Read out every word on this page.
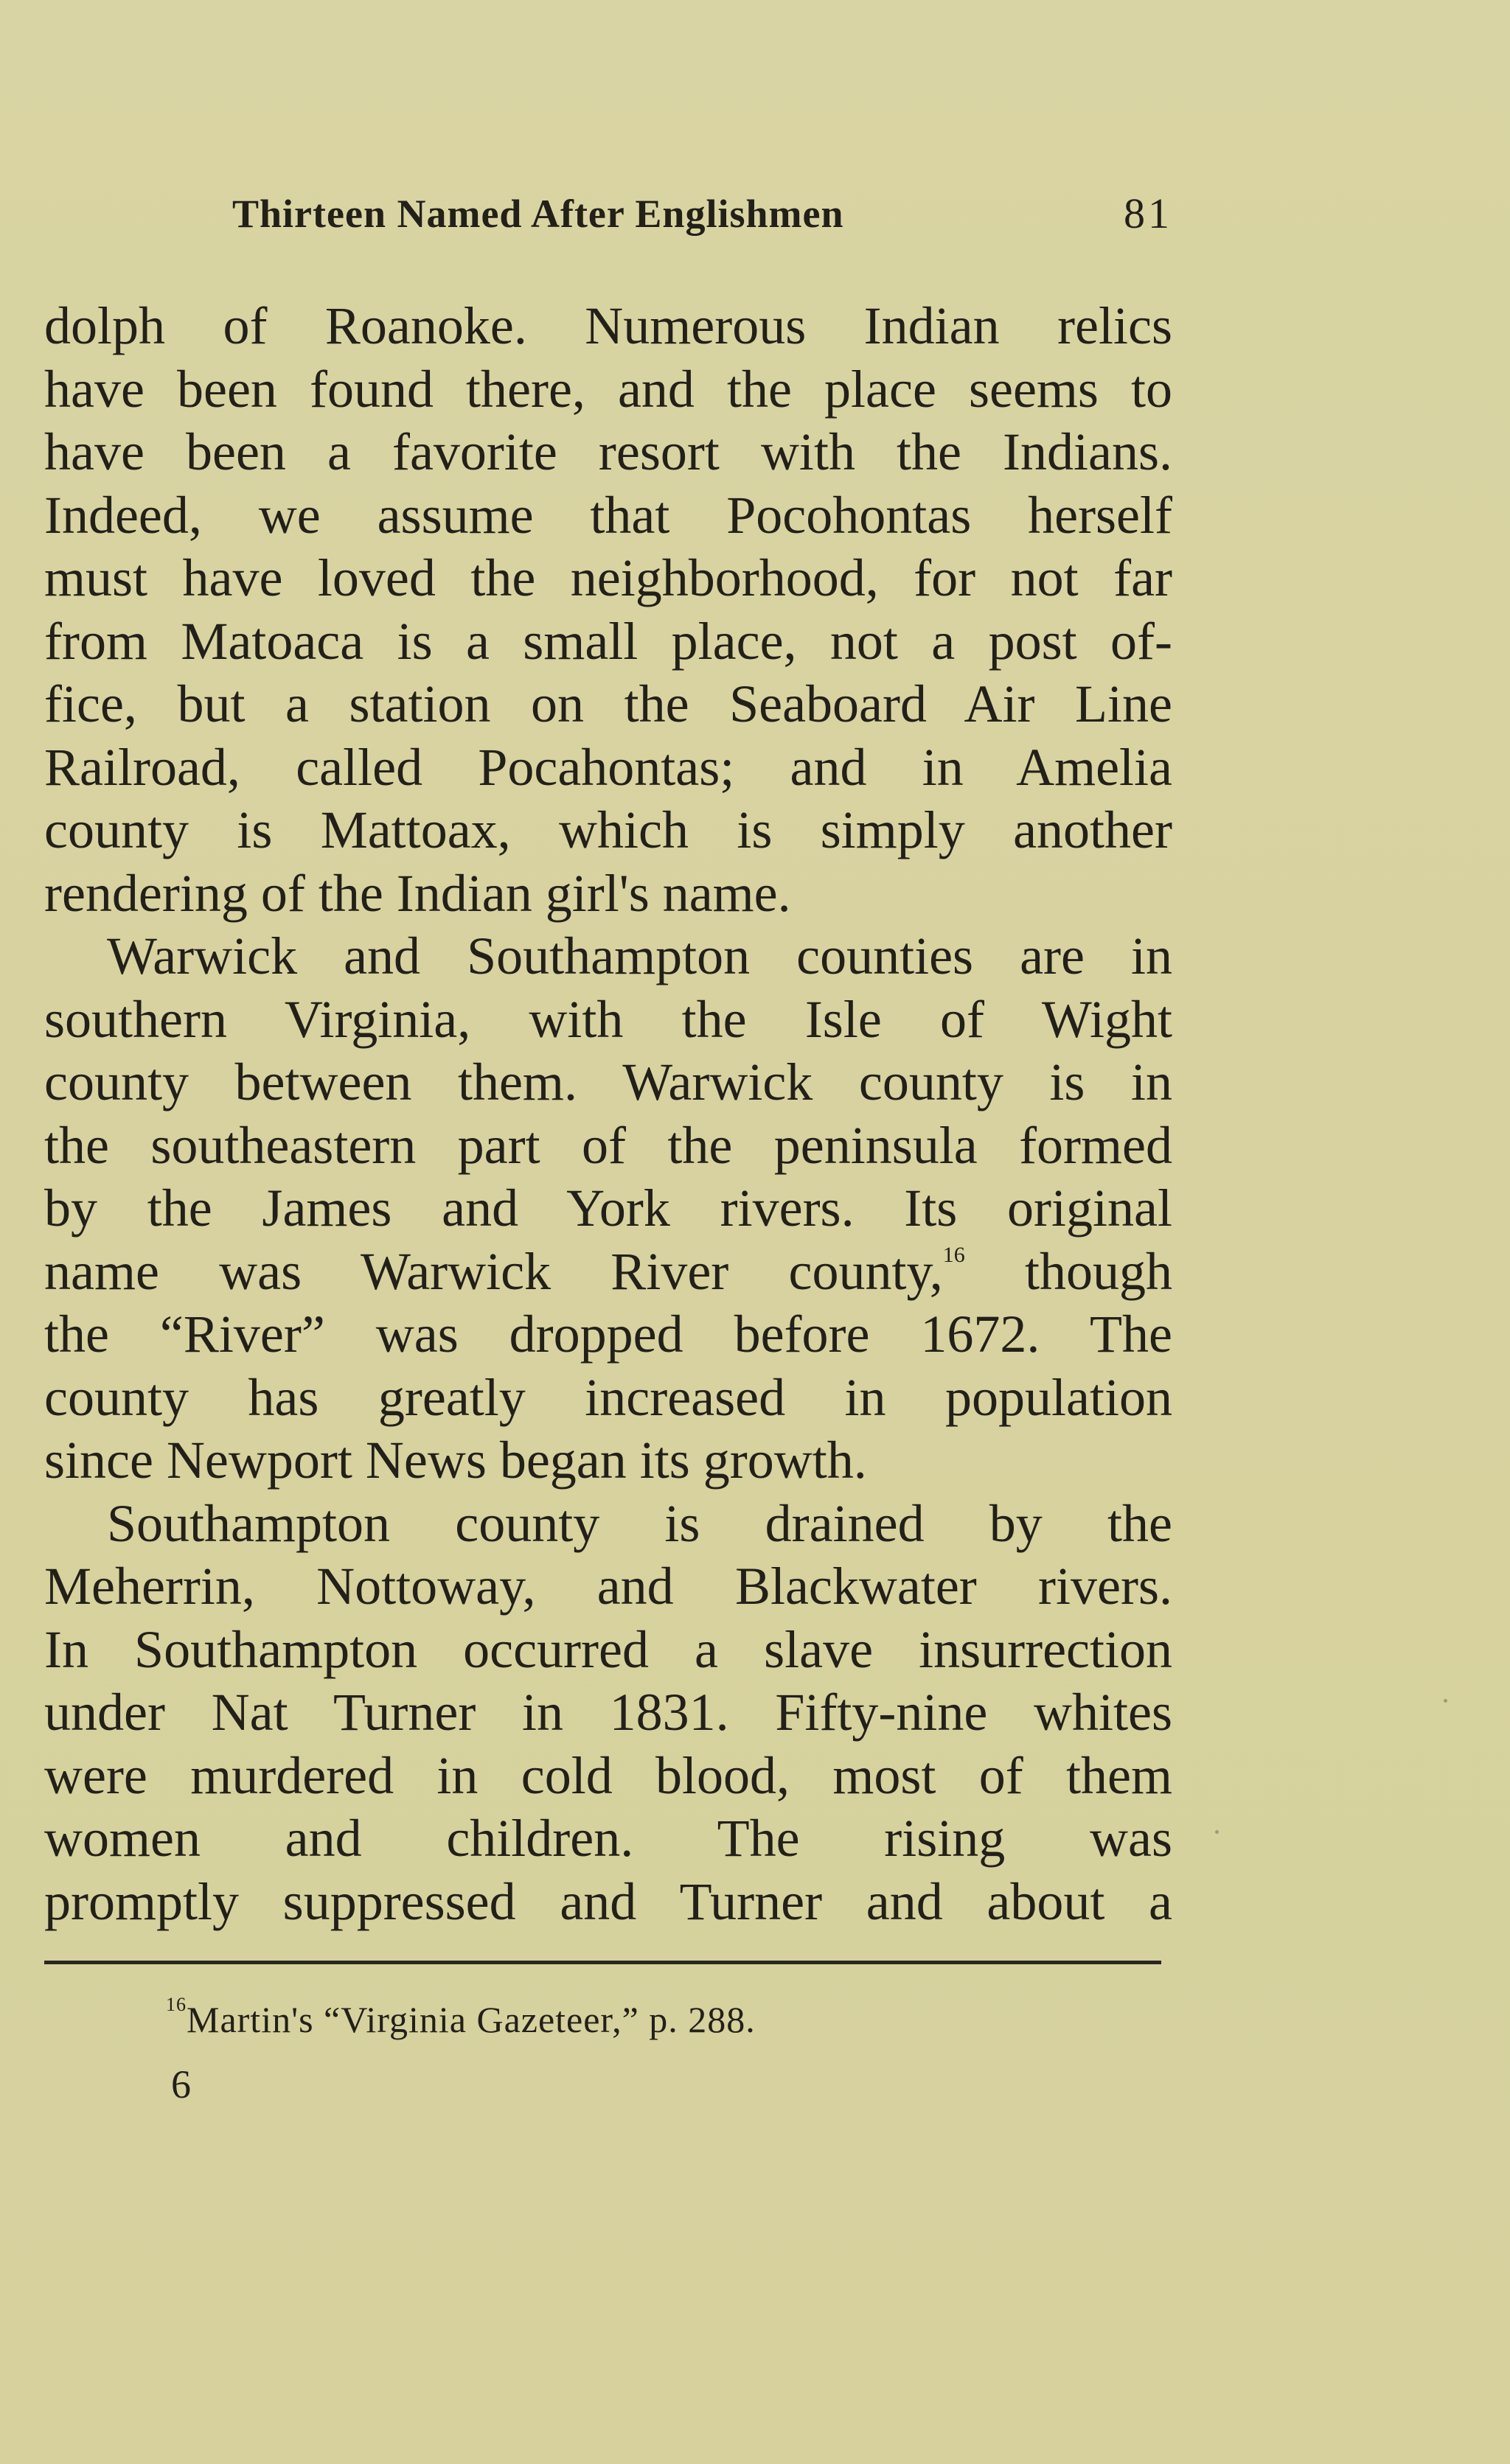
Thirteen Named After Englishmen	81
dolph of Roanoke. Numerous Indian relics
have been found there, and the place seems to
have been a favorite resort with the Indians.
Indeed, we assume that Pocohontas herself
must have loved the neighborhood, for not far
from Matoaca is a small place, not a post of-
fice, but a station on the Seaboard Air Line
Railroad, called Pocahontas; and in Amelia
county is Mattoax, which is simply another
rendering of the Indian girl's name.
Warwick and Southampton counties are in
southern Virginia, with the Isle of Wight
county between them. Warwick county is in
the southeastern part of the peninsula formed
by the James and York rivers. Its original
name was Warwick River county,$^{16}$ though
the “River” was dropped before 1672. The
county has greatly increased in population
since Newport News began its growth.
Southampton county is drained by the
Meherrin, Nottoway, and Blackwater rivers.
In Southampton occurred a slave insurrection
under Nat Turner in 1831. Fifty-nine whites
were murdered in cold blood, most of them
women and children. The rising was
promptly suppressed and Turner and about a
$^{16}$Martin's “Virginia Gazeteer,” p. 288.
6
